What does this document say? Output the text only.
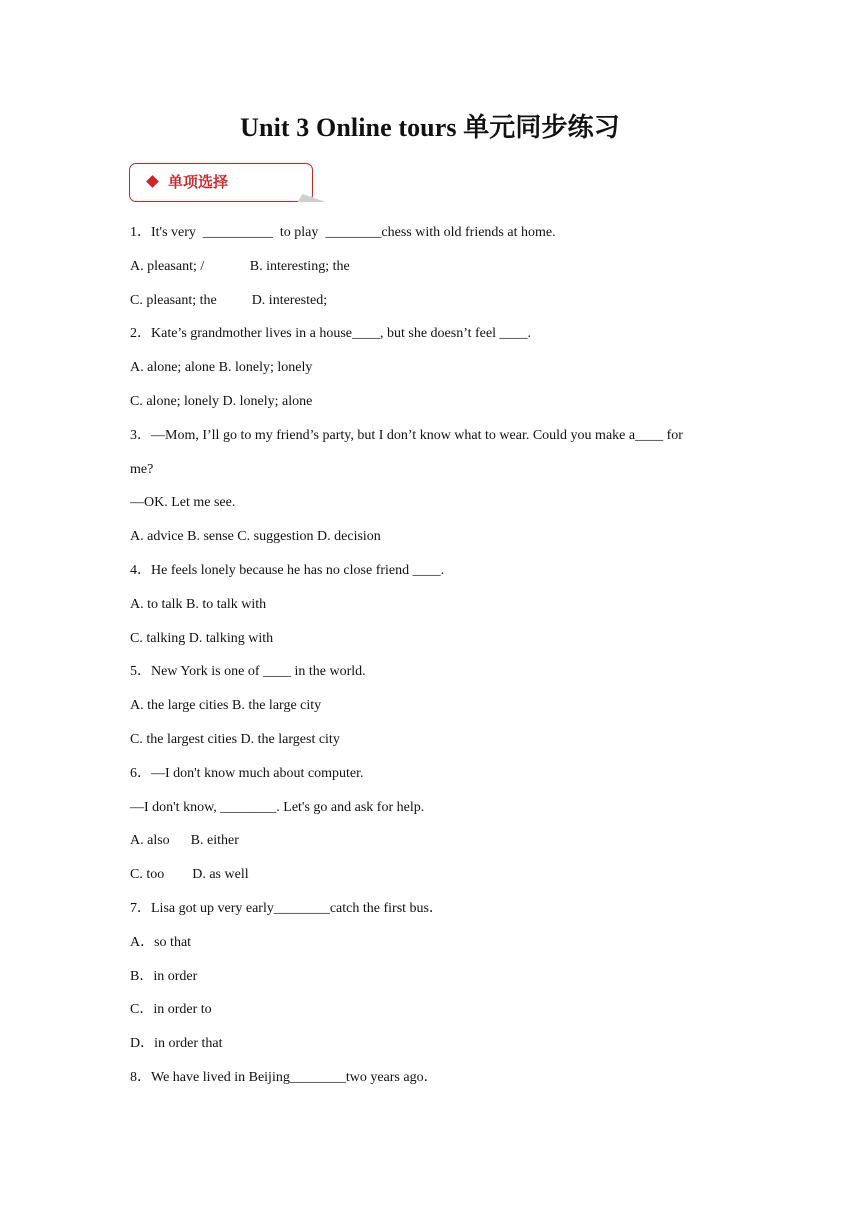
Unit 3 Online tours 单元同步练习
单项选择
1．It's very  __________  to play  ________chess with old friends at home.
A. pleasant; /             B. interesting; the
C. pleasant; the          D. interested;
2．Kate’s grandmother lives in a house____, but she doesn’t feel ____.
A. alone; alone B. lonely; lonely
C. alone; lonely D. lonely; alone
3．—Mom, I’ll go to my friend’s party, but I don’t know what to wear. Could you make a____ for
me?
—OK. Let me see.
A. advice B. sense C. suggestion D. decision
4．He feels lonely because he has no close friend ____.
A. to talk B. to talk with
C. talking D. talking with
5．New York is one of ____ in the world.
A. the large cities B. the large city
C. the largest cities D. the largest city
6．—I don't know much about computer.
—I don't know, ________. Let's go and ask for help.
A. also      B. either
C. too        D. as well
7．Lisa got up very early________catch the first bus．
A．so that
B．in order
C．in order to
D．in order that
8．We have lived in Beijing________two years ago．
